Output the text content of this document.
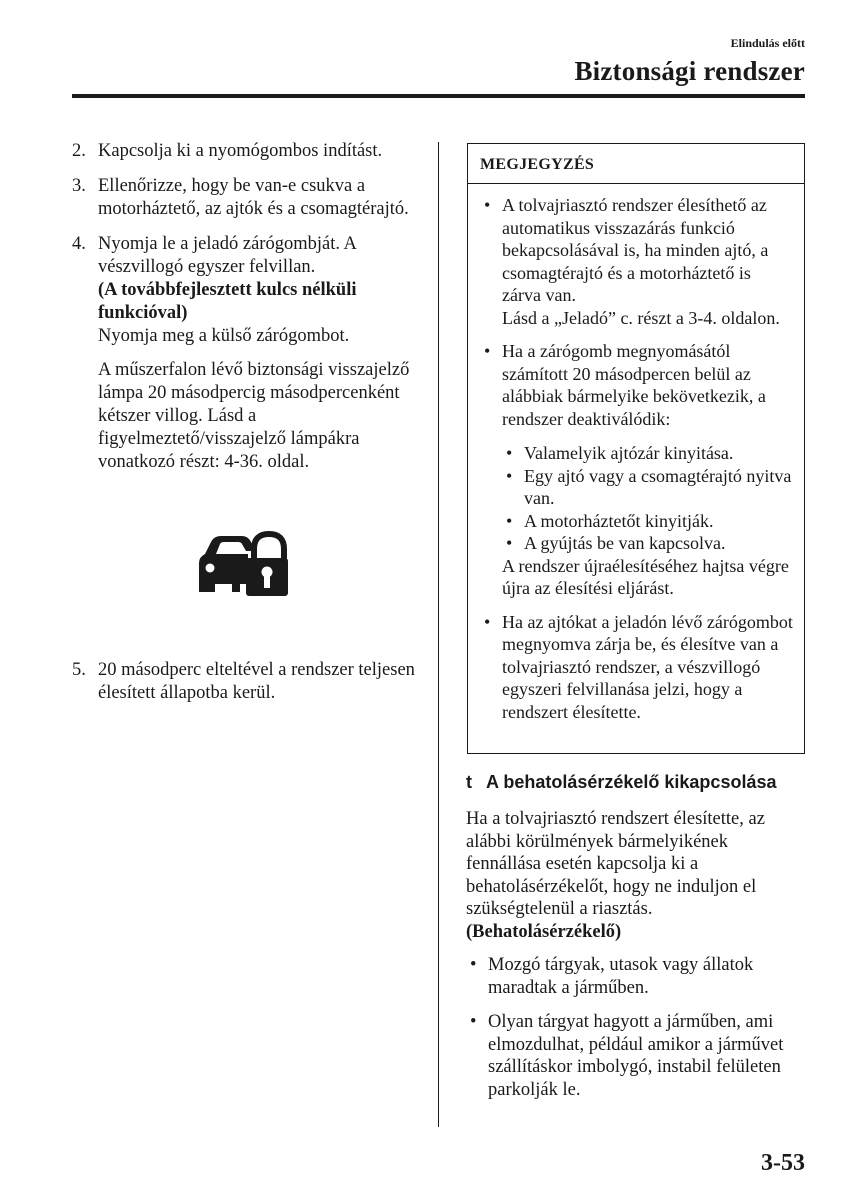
Elindulás előtt
Biztonsági rendszer
2. Kapcsolja ki a nyomógombos indítást.

3. Ellenőrizze, hogy be van-e csukva a motorháztető, az ajtók és a csomagtérajtó.

4. Nyomja le a jeladó zárógombját. A vészvillogó egyszer felvillan.

(A továbbfejlesztett kulcs nélküli funkcióval)

Nyomja meg a külső zárógombot.

A műszerfalon lévő biztonsági visszajelző lámpa 20 másodpercig másodpercenként kétszer villog. Lásd a figyelmeztető/visszajelző lámpákra vonatkozó részt: 4-36. oldal.

5. 20 másodperc elteltével a rendszer teljesen élesített állapotba kerül.
MEGJEGYZÉS
• A tolvajriasztó rendszer élesíthető az automatikus visszazárás funkció bekapcsolásával is, ha minden ajtó, a csomagtérajtó és a motorháztető is zárva van.

Lásd a „Jeladó” c. részt a 3-4. oldalon.

• Ha a zárógomb megnyomásától számított 20 másodpercen belül az alábbiak bármelyike bekövetkezik, a rendszer deaktiválódik:

• Valamelyik ajtózár kinyitása.
• Egy ajtó vagy a csomagtérajtó nyitva van.
• A motorháztetőt kinyitják.
• A gyújtás be van kapcsolva.

A rendszer újraélesítéséhez hajtsa végre újra az élesítési eljárást.

• Ha az ajtókat a jeladón lévő zárógombot megnyomva zárja be, és élesítve van a tolvajriasztó rendszer, a vészvillogó egyszeri felvillanása jelzi, hogy a rendszert élesítette.

t A behatolásérzékelő kikapcsolása

Ha a tolvajriasztó rendszert élesítette, az alábbi körülmények bármelyikének fennállása esetén kapcsolja ki a behatolásérzékelőt, hogy ne induljon el szükségtelenül a riasztás.

(Behatolásérzékelő)

• Mozgó tárgyak, utasok vagy állatok maradtak a járműben.
• Olyan tárgyat hagyott a járműben, ami elmozdulhat, például amikor a járművet szállításkor imbolygó, instabil felületen parkolják le.
3-53
